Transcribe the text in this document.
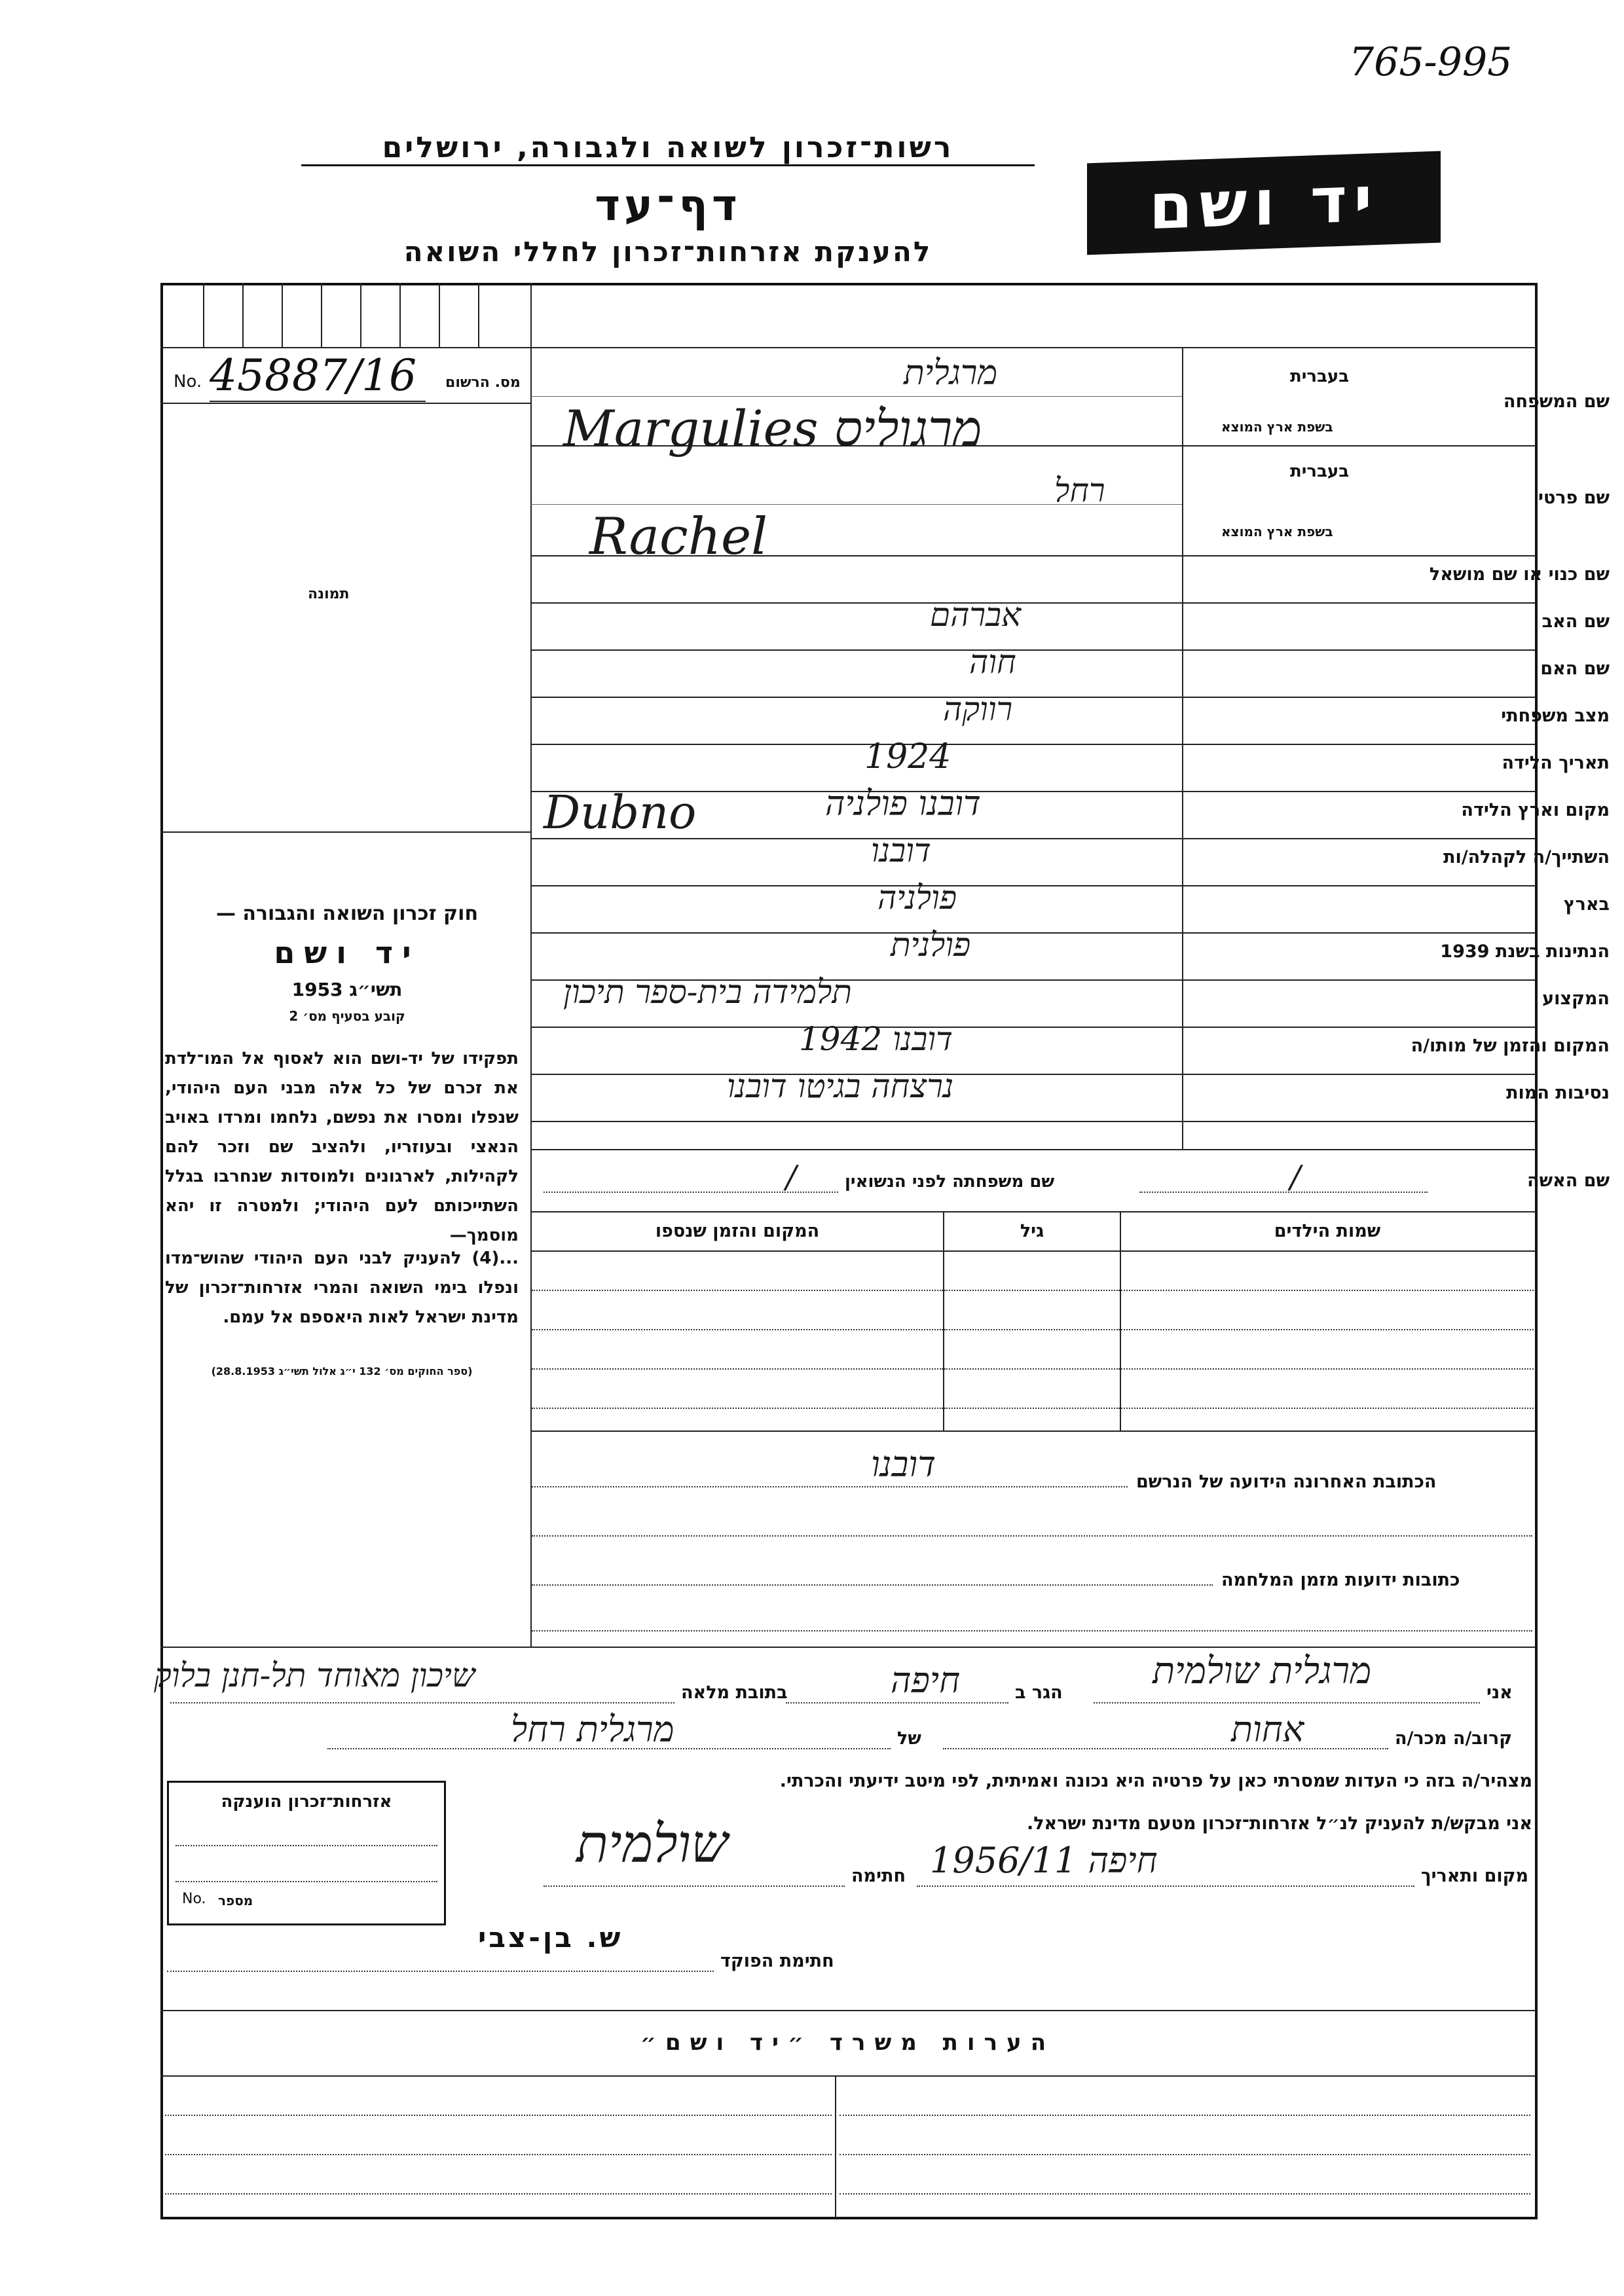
765-995
רשות־זכרון לשואה ולגבורה, ירושלים
דף־עד
להענקת אזרחות־זכרון לחללי השואה
יד ושם
No. 45887/16	מס. הרשום
תמונה
חוק זכרון השואה והגבורה —
יד ושם
תשי״ג 1953
קובע בסעיף מס׳ 2
תפקידו של יד-ושם הוא לאסוף אל המו־לדת את זכרם של כל אלה מבני העם היהודי, שנפלו ומסרו את נפשם, נלחמו ומרדו באויב הנאצי ובעוזריו, ולהציב שם וזכר להם לקהילות, לארגונים ולמוסדות שנחרבו בגלל השתייכותם לעם היהודי; ולמטרה זו יהא מוסמך—
...(4) להעניק לבני העם היהודי שהוש־מדו ונפלו בימי השואה והמרי אזרחות־זכרון של מדינת ישראל לאות היאספם אל עמם.
(ספר החוקים מס׳ 132 י״ג אלול תשי״ג 28.8.1953)
בעברית
בשפת ארץ המוצא
שם המשפחה
מרגלית
Margulies מרגוליס
בעברית
בשפת ארץ המוצא
שם פרטי
רחל
Rachel
שם כנוי או שם מושאל
שם האב
אברהם
שם האם
חוה
מצב משפחתי
רווקה
תאריך הלידה
1924
מקום וארץ הלידה
דובנו פולניה
Dubno
השתייך/ה לקהלה/ות
דובנו
בארץ
פולניה
הנתינות בשנת 1939
פולנית
המקצוע
תלמידה בית-ספר תיכון
המקום והזמן של מותו/ה
דובנו 1942
נסיבות המות
נרצחה בגיטו דובנו
שם האשה
/
שם משפחתה לפני הנשואין
/
שמות הילדים
גיל
המקום והזמן שנספו
דובנו	הכתובת האחרונה הידועה של הנרשם
כתובות ידועות מזמן המלחמה
אני
מרגלית שולמית
הגר ב
חיפה
בתובת מלאה
שיכון מאוחד תל-חנן בלוק
קרוב/ה מכר/ה
אחות
של
מרגלית רחל
מצהיר/ה בזה כי העדות שמסרתי כאן על פרטיה היא נכונה ואמיתית, לפי מיטב ידיעתי והכרתי.
אני מבקש/ת להעניק לנ״ל אזרחות־זכרון מטעם מדינת ישראל.
מקום ותאריך
חיפה 1956/11
חתימה
שולמית
אזרחות־זכרון הוענקה
No. מספר
חתימת הפוקד
ש. בן-צבי
הערות משרד ״יד ושם״
